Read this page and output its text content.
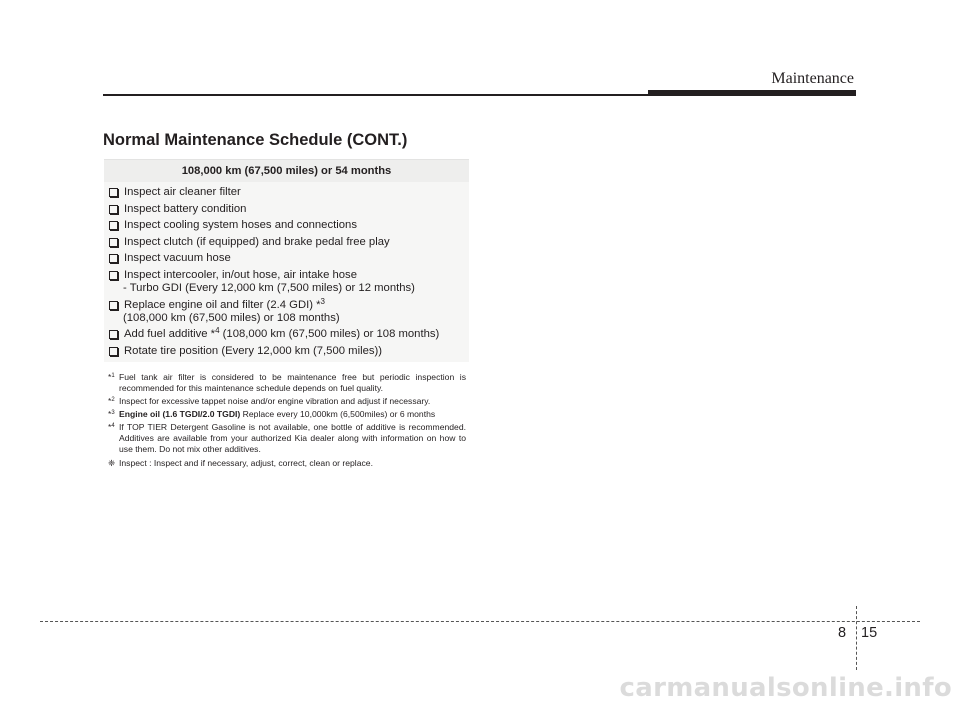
Maintenance
Normal Maintenance Schedule (CONT.)
108,000 km (67,500 miles) or 54 months
Inspect air cleaner filter
Inspect battery condition
Inspect cooling system hoses and connections
Inspect clutch (if equipped) and brake pedal free play
Inspect vacuum hose
Inspect intercooler, in/out hose, air intake hose
- Turbo GDI (Every 12,000 km (7,500 miles) or 12 months)
Replace engine oil and filter (2.4 GDI) *$^3$
(108,000 km (67,500 miles) or 108 months)
Add fuel additive *$^4$ (108,000 km (67,500 miles) or 108 months)
Rotate tire position (Every 12,000 km (7,500 miles))
*$^1$ Fuel tank air filter is considered to be maintenance free but periodic inspection is recommended for this maintenance schedule depends on fuel quality.
*$^2$ Inspect for excessive tappet noise and/or engine vibration and adjust if necessary.
*$^3$ Engine oil (1.6 TGDI/2.0 TGDI) Replace every 10,000km (6,500miles) or 6 months
*$^4$ If TOP TIER Detergent Gasoline is not available, one bottle of additive is recommended. Additives are available from your authorized Kia dealer along with information on how to use them. Do not mix other additives.
❈ Inspect : Inspect and if necessary, adjust, correct, clean or replace.
8 15
carmanualsonline.info
